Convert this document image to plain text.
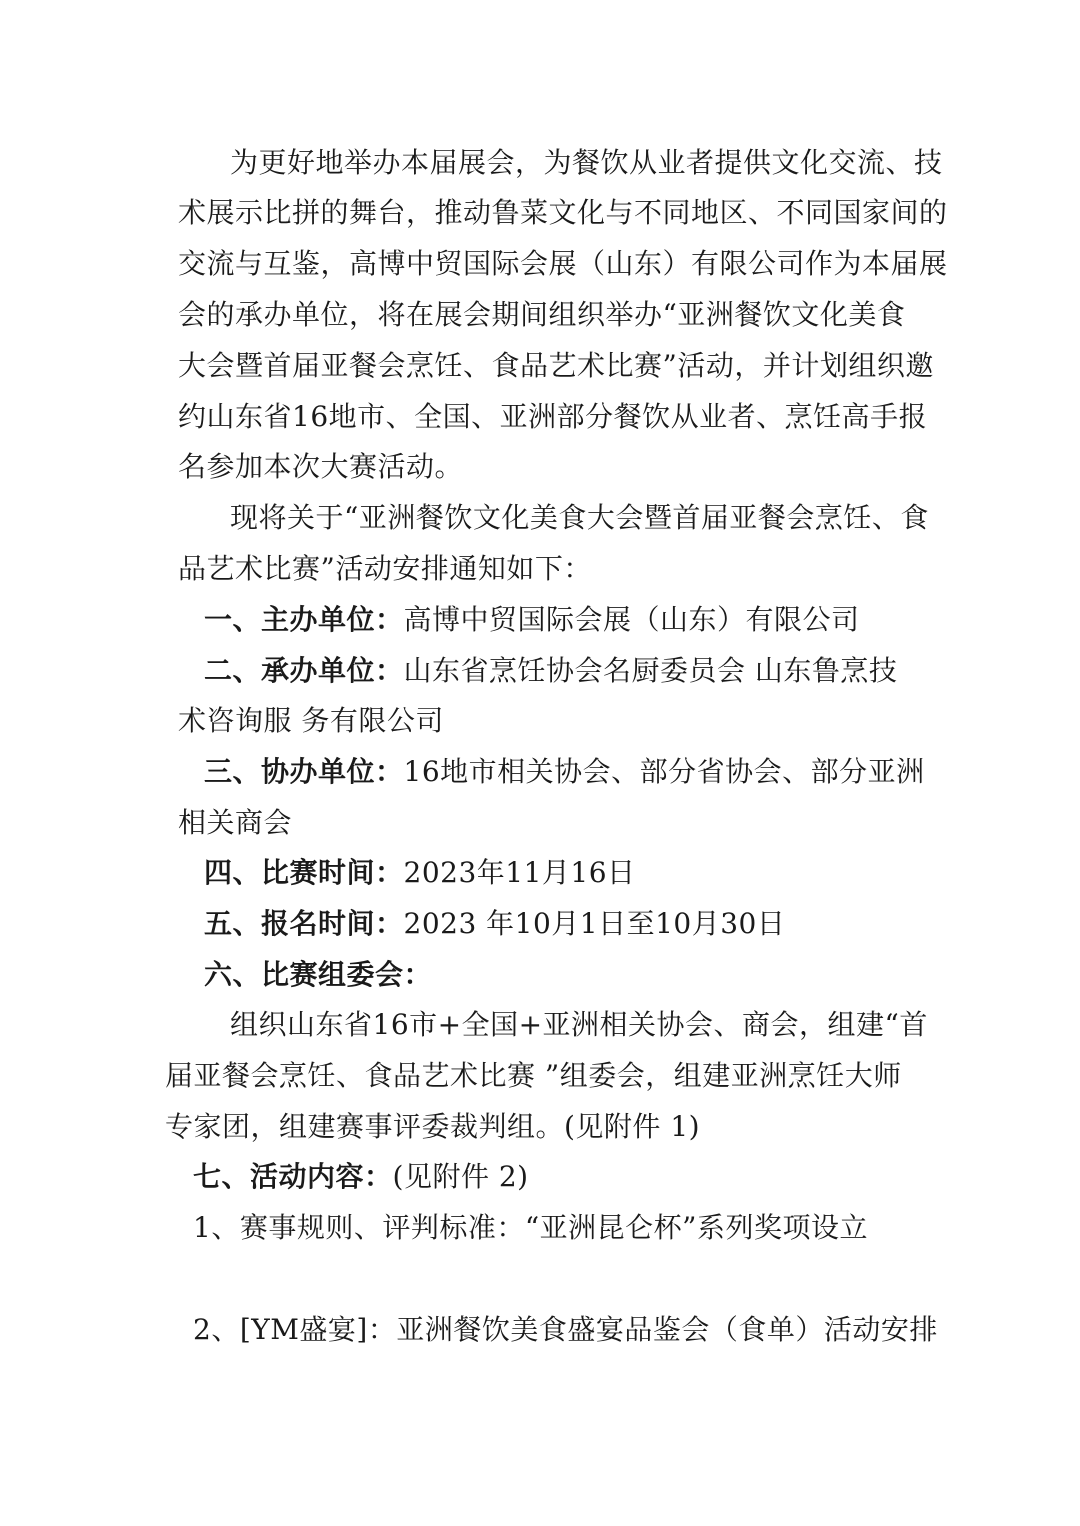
为更好地举办本届展会，为餐饮从业者提供文化交流、技
术展示比拼的舞台，推动鲁菜文化与不同地区、不同国家间的
交流与互鉴，高博中贸国际会展（山东）有限公司作为本届展
会的承办单位，将在展会期间组织举办“亚洲餐饮文化美食
大会暨首届亚餐会烹饪、食品艺术比赛”活动，并计划组织邀
约山东省16地市、全国、亚洲部分餐饮从业者、烹饪高手报
名参加本次大赛活动。
现将关于“亚洲餐饮文化美食大会暨首届亚餐会烹饪、食
品艺术比赛”活动安排通知如下：
一、主办单位：高博中贸国际会展（山东）有限公司
二、承办单位：山东省烹饪协会名厨委员会 山东鲁烹技
术咨询服 务有限公司
三、协办单位：16地市相关协会、部分省协会、部分亚洲
相关商会
四、比赛时间：2023年11月16日
五、报名时间：2023 年10月1日至10月30日
六、比赛组委会：
组织山东省16市+全国+亚洲相关协会、商会，组建“首
届亚餐会烹饪、食品艺术比赛 ”组委会，组建亚洲烹饪大师
专家团，组建赛事评委裁判组。(见附件 1)
七、活动内容：(见附件 2)
1、赛事规则、评判标准：“亚洲昆仑杯”系列奖项设立
2、[YM盛宴]：亚洲餐饮美食盛宴品鉴会（食单）活动安排
